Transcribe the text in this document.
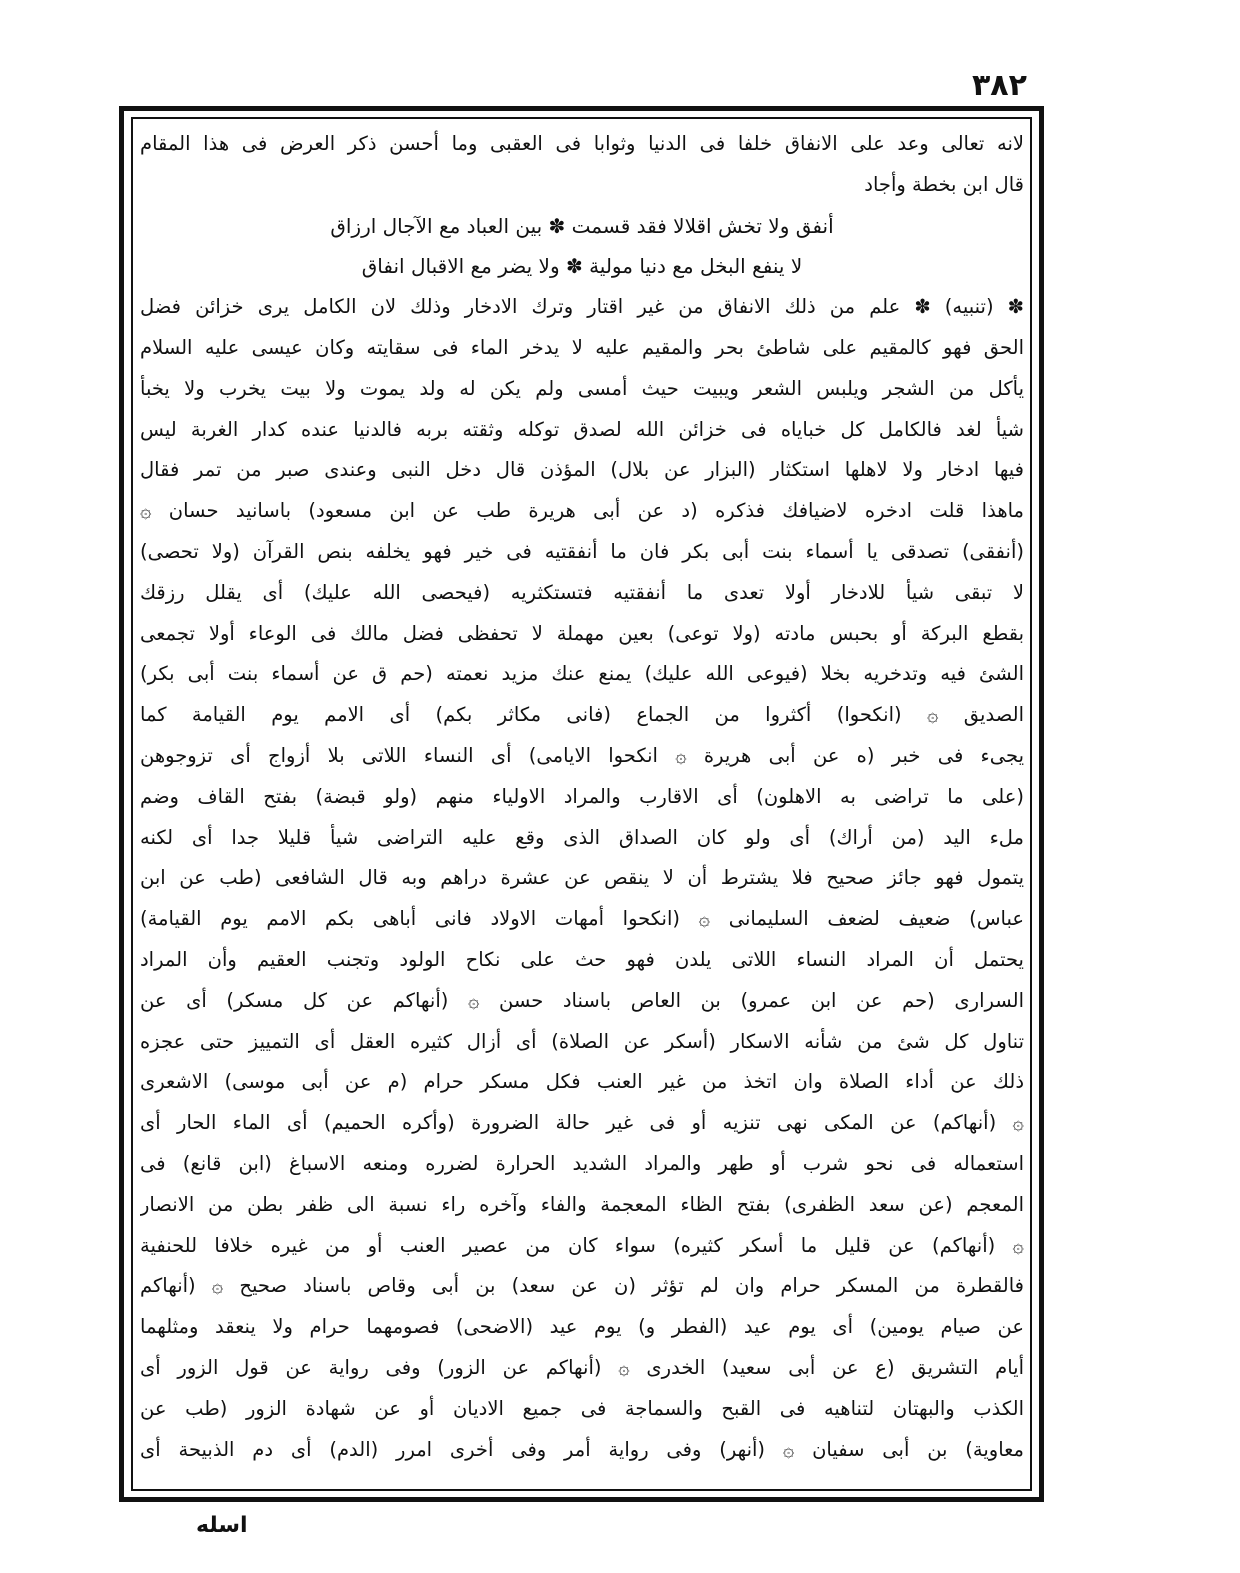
٣٨٢
لانه تعالى وعد على الانفاق خلفا فى الدنيا وثوابا فى العقبى وما أحسن ذكر العرض فى هذا المقام
قال ابن بخطة وأجاد
أنفق ولا تخش اقلالا فقد قسمت ✽ بين العباد مع الآجال ارزاق
لا ينفع البخل مع دنيا مولية ✽ ولا يضر مع الاقبال انفاق
✽ (تنبيه) ✽ علم من ذلك الانفاق من غير اقتار وترك الادخار وذلك لان الكامل يرى خزائن فضل
الحق فهو كالمقيم على شاطئ بحر والمقيم عليه لا يدخر الماء فى سقايته وكان عيسى عليه السلام
يأكل من الشجر ويلبس الشعر ويبيت حيث أمسى ولم يكن له ولد يموت ولا بيت يخرب ولا يخبأ
شيأ لغد فالكامل كل خباياه فى خزائن الله لصدق توكله وثقته بربه فالدنيا عنده كدار الغربة ليس
فيها ادخار ولا لاهلها استكثار (البزار عن بلال) المؤذن قال دخل النبى وعندى صبر من تمر فقال
ماهذا قلت ادخره لاضيافك فذكره (د عن أبى هريرة طب عن ابن مسعود) باسانيد حسان ۞
(أنفقى) تصدقى يا أسماء بنت أبى بكر فان ما أنفقتيه فى خير فهو يخلفه بنص القرآن (ولا تحصى)
لا تبقى شيأ للادخار أولا تعدى ما أنفقتيه فتستكثريه (فيحصى الله عليك) أى يقلل رزقك
بقطع البركة أو بحبس مادته (ولا توعى) بعين مهملة لا تحفظى فضل مالك فى الوعاء أولا تجمعى
الشئ فيه وتدخريه بخلا (فيوعى الله عليك) يمنع عنك مزيد نعمته (حم ق عن أسماء بنت أبى بكر)
الصديق ۞ (انكحوا) أكثروا من الجماع (فانى مكاثر بكم) أى الامم يوم القيامة كما
يجىء فى خبر (ه عن أبى هريرة ۞ انكحوا الايامى) أى النساء اللاتى بلا أزواج أى تزوجوهن
(على ما تراضى به الاهلون) أى الاقارب والمراد الاولياء منهم (ولو قبضة) بفتح القاف وضم
ملء اليد (من أراك) أى ولو كان الصداق الذى وقع عليه التراضى شيأ قليلا جدا أى لكنه
يتمول فهو جائز صحيح فلا يشترط أن لا ينقص عن عشرة دراهم وبه قال الشافعى (طب عن ابن
عباس) ضعيف لضعف السليمانى ۞ (انكحوا أمهات الاولاد فانى أباهى بكم الامم يوم القيامة)
يحتمل أن المراد النساء اللاتى يلدن فهو حث على نكاح الولود وتجنب العقيم وأن المراد
السرارى (حم عن ابن عمرو) بن العاص باسناد حسن ۞ (أنهاكم عن كل مسكر) أى عن
تناول كل شئ من شأنه الاسكار (أسكر عن الصلاة) أى أزال كثيره العقل أى التمييز حتى عجزه
ذلك عن أداء الصلاة وان اتخذ من غير العنب فكل مسكر حرام (م عن أبى موسى) الاشعرى
۞ (أنهاكم) عن المكى نهى تنزيه أو فى غير حالة الضرورة (وأكره الحميم) أى الماء الحار أى
استعماله فى نحو شرب أو طهر والمراد الشديد الحرارة لضرره ومنعه الاسباغ (ابن قانع) فى
المعجم (عن سعد الظفرى) بفتح الظاء المعجمة والفاء وآخره راء نسبة الى ظفر بطن من الانصار
۞ (أنهاكم) عن قليل ما أسكر كثيره) سواء كان من عصير العنب أو من غيره خلافا للحنفية
فالقطرة من المسكر حرام وان لم تؤثر (ن عن سعد) بن أبى وقاص باسناد صحيح ۞ (أنهاكم
عن صيام يومين) أى يوم عيد (الفطر و) يوم عيد (الاضحى) فصومهما حرام ولا ينعقد ومثلهما
أيام التشريق (ع عن أبى سعيد) الخدرى ۞ (أنهاكم عن الزور) وفى رواية عن قول الزور أى
الكذب والبهتان لتناهيه فى القبح والسماجة فى جميع الاديان أو عن شهادة الزور (طب عن
معاوية) بن أبى سفيان ۞ (أنهر) وفى رواية أمر وفى أخرى امرر (الدم) أى دم الذبيحة أى
اسله
